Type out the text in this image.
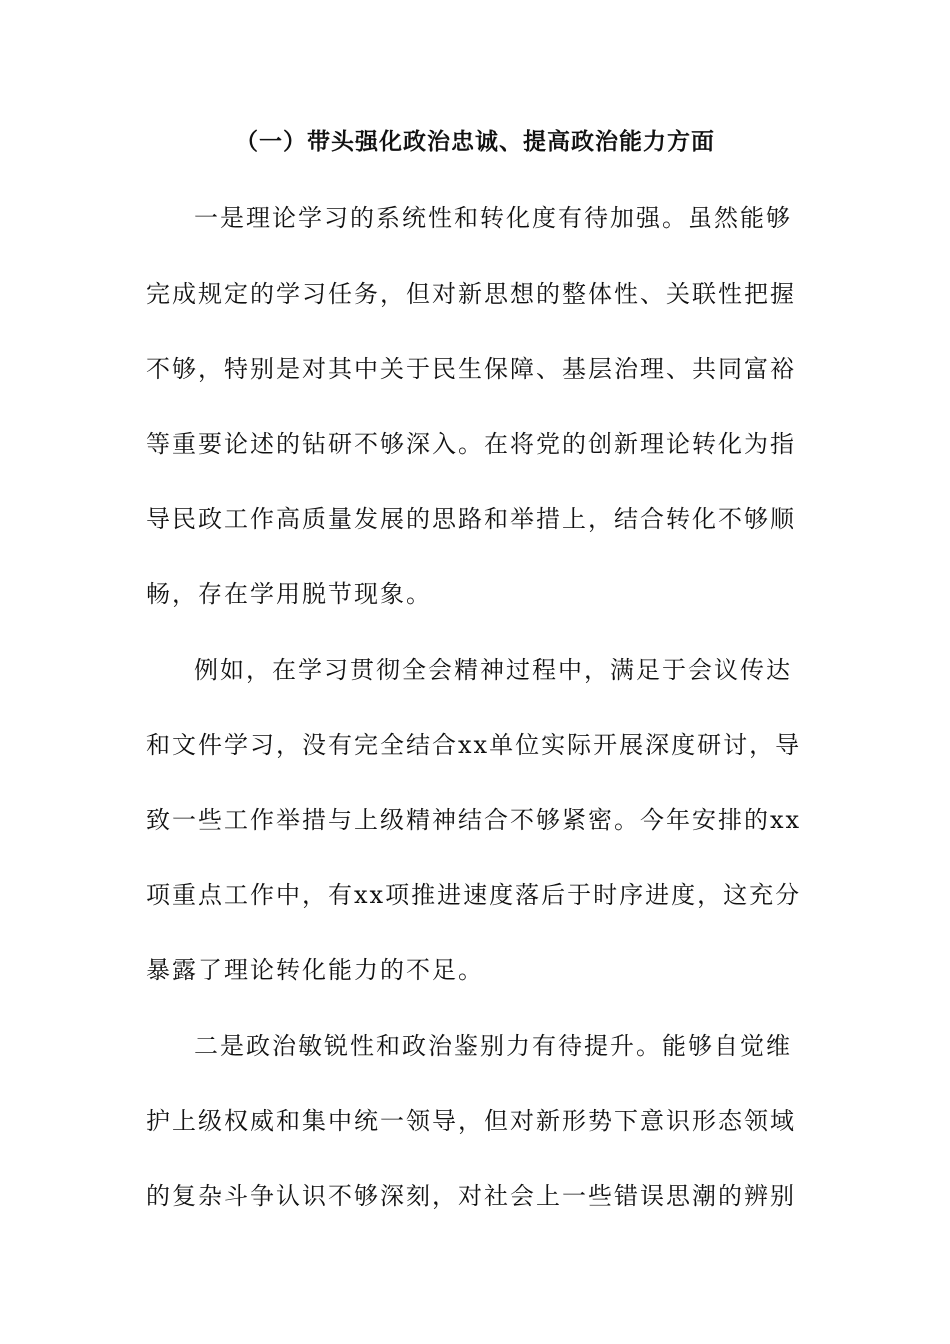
（一）带头强化政治忠诚、提高政治能力方面
一是理论学习的系统性和转化度有待加强。虽然能够
完成规定的学习任务，但对新思想的整体性、关联性把握
不够，特别是对其中关于民生保障、基层治理、共同富裕
等重要论述的钻研不够深入。在将党的创新理论转化为指
导民政工作高质量发展的思路和举措上，结合转化不够顺
畅，存在学用脱节现象。
例如，在学习贯彻全会精神过程中，满足于会议传达
和文件学习，没有完全结合xx单位实际开展深度研讨，导
致一些工作举措与上级精神结合不够紧密。今年安排的xx
项重点工作中，有xx项推进速度落后于时序进度，这充分
暴露了理论转化能力的不足。
二是政治敏锐性和政治鉴别力有待提升。能够自觉维
护上级权威和集中统一领导，但对新形势下意识形态领域
的复杂斗争认识不够深刻，对社会上一些错误思潮的辨别
